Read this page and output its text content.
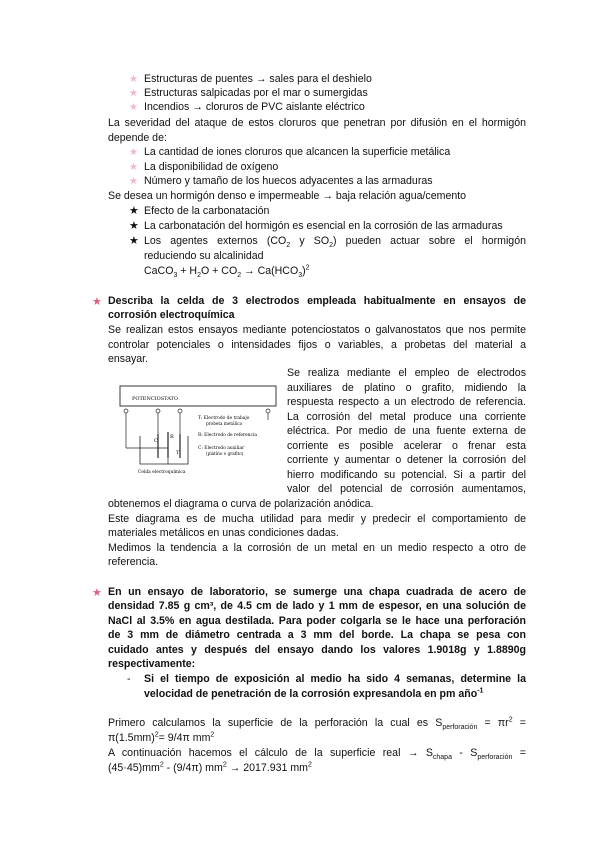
★ Estructuras de puentes → sales para el deshielo
★ Estructuras salpicadas por el mar o sumergidas
★ Incendios → cloruros de PVC aislante eléctrico
La severidad del ataque de estos cloruros que penetran por difusión en el hormigón
depende de:
★ La cantidad de iones cloruros que alcancen la superficie metálica
★ La disponibilidad de oxígeno
★ Número y tamaño de los huecos adyacentes a las armaduras
Se desea un hormigón denso e impermeable → baja relación agua/cemento
★ Efecto de la carbonatación
★ La carbonatación del hormigón es esencial en la corrosión de las armaduras
★ Los agentes externos ($CO_2$ y $SO_2$) pueden actuar sobre el hormigón
reduciendo su alcalinidad
CaCO$_3$ + $H_2O + CO_2 \to Ca(HCO_3)^2$
★ Describa la celda de 3 electrodos empleada habitualmente en ensayos de
corrosión electroquímica
Se realizan estos ensayos mediante potenciostatos o galvanostatos que nos permite
controlar potenciales o intensidades fijos o variables, a probetas del material a
ensayar.
POTENCIOSTATO
C
R
T
T: Electrodo de trabajo
probeta metálica
R: Electrodo de referencia
C: Electrodo auxiliar
(platino o grafito)
Celda electroquímica
Se realiza mediante el empleo de electrodos
auxiliares de platino o grafito, midiendo la
respuesta respecto a un electrodo de referencia.
La corrosión del metal produce una corriente
eléctrica. Por medio de una fuente externa de
corriente es posible acelerar o frenar esta
corriente y aumentar o detener la corrosión del
hierro modificando su potencial. Si a partir del
valor del potencial de corrosión aumentamos,
obtenemos el diagrama o curva de polarización anódica.
Este diagrama es de mucha utilidad para medir y predecir el comportamiento de
materiales metálicos en unas condiciones dadas.
Medimos la tendencia a la corrosión de un metal en un medio respecto a otro de
referencia.
★ En un ensayo de laboratorio, se sumerge una chapa cuadrada de acero de
densidad 7.85 g cm³, de 4.5 cm de lado y 1 mm de espesor, en una solución de
NaCl al 3.5% en agua destilada. Para poder colgarla se le hace una perforación
de 3 mm de diámetro centrada a 3 mm del borde. La chapa se pesa con
cuidado antes y después del ensayo dando los valores 1.9018g y 1.8890g
respectivamente:
- Si el tiempo de exposición al medio ha sido 4 semanas, determine la
velocidad de penetración de la corrosión expresandola en pm año$^{-1}$
Primero calculamos la superficie de la perforación la cual es $S_{perforación} = \pi r^2$ =
$\pi(1.5mm)^2= 9/4\pi$ $mm^2$
A continuación hacemos el cálculo de la superficie real → $S_{chapa} - S_{perforación}$ =
$(45\cdot 45)mm^2 - (9/4\pi) mm^2 \to 2017.931$ $mm^2$
